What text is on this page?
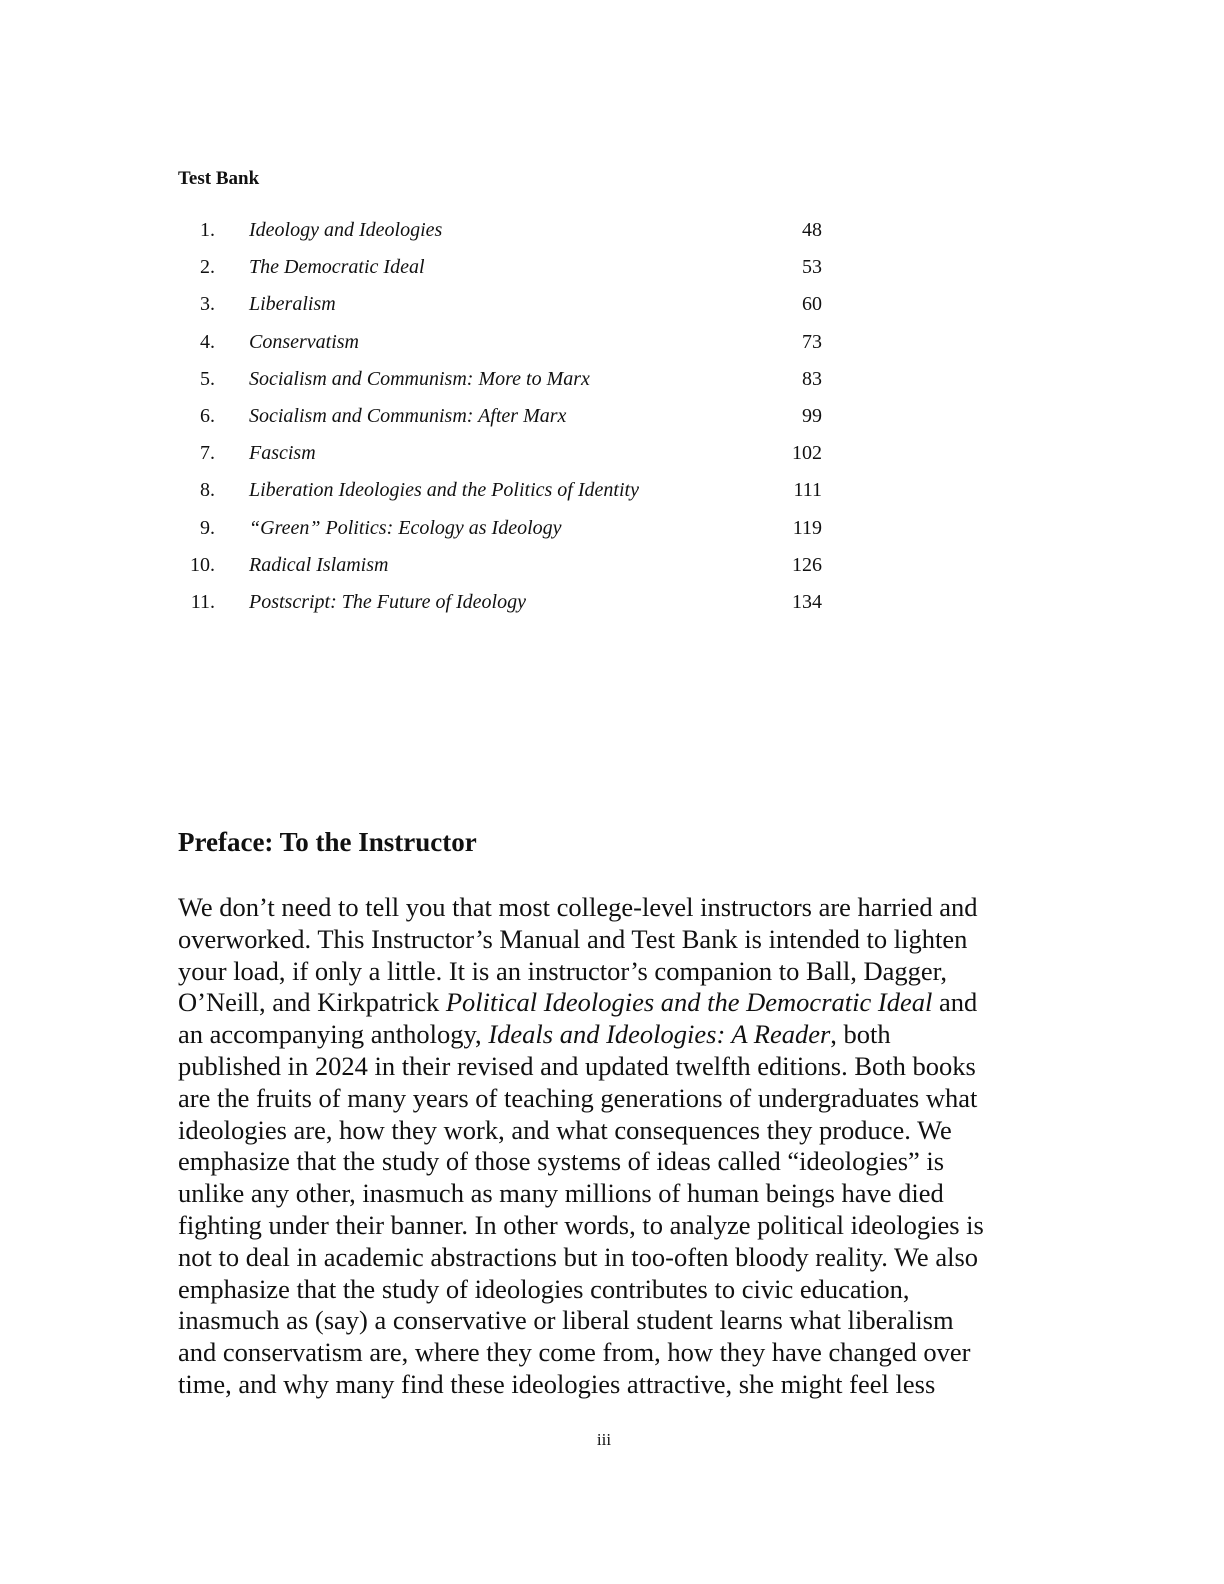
Test Bank
1. Ideology and Ideologies	48
2. The Democratic Ideal	53
3. Liberalism	60
4. Conservatism	73
5. Socialism and Communism: More to Marx	83
6. Socialism and Communism: After Marx	99
7. Fascism	102
8. Liberation Ideologies and the Politics of Identity	111
9. “Green” Politics: Ecology as Ideology	119
10. Radical Islamism	126
11. Postscript: The Future of Ideology	134
Preface: To the Instructor
We don’t need to tell you that most college-level instructors are harried and
overworked. This Instructor’s Manual and Test Bank is intended to lighten
your load, if only a little. It is an instructor’s companion to Ball, Dagger,
O’Neill, and Kirkpatrick Political Ideologies and the Democratic Ideal and
an accompanying anthology, Ideals and Ideologies: A Reader, both
published in 2024 in their revised and updated twelfth editions. Both books
are the fruits of many years of teaching generations of undergraduates what
ideologies are, how they work, and what consequences they produce. We
emphasize that the study of those systems of ideas called “ideologies” is
unlike any other, inasmuch as many millions of human beings have died
fighting under their banner. In other words, to analyze political ideologies is
not to deal in academic abstractions but in too-often bloody reality. We also
emphasize that the study of ideologies contributes to civic education,
inasmuch as (say) a conservative or liberal student learns what liberalism
and conservatism are, where they come from, how they have changed over
time, and why many find these ideologies attractive, she might feel less
iii
